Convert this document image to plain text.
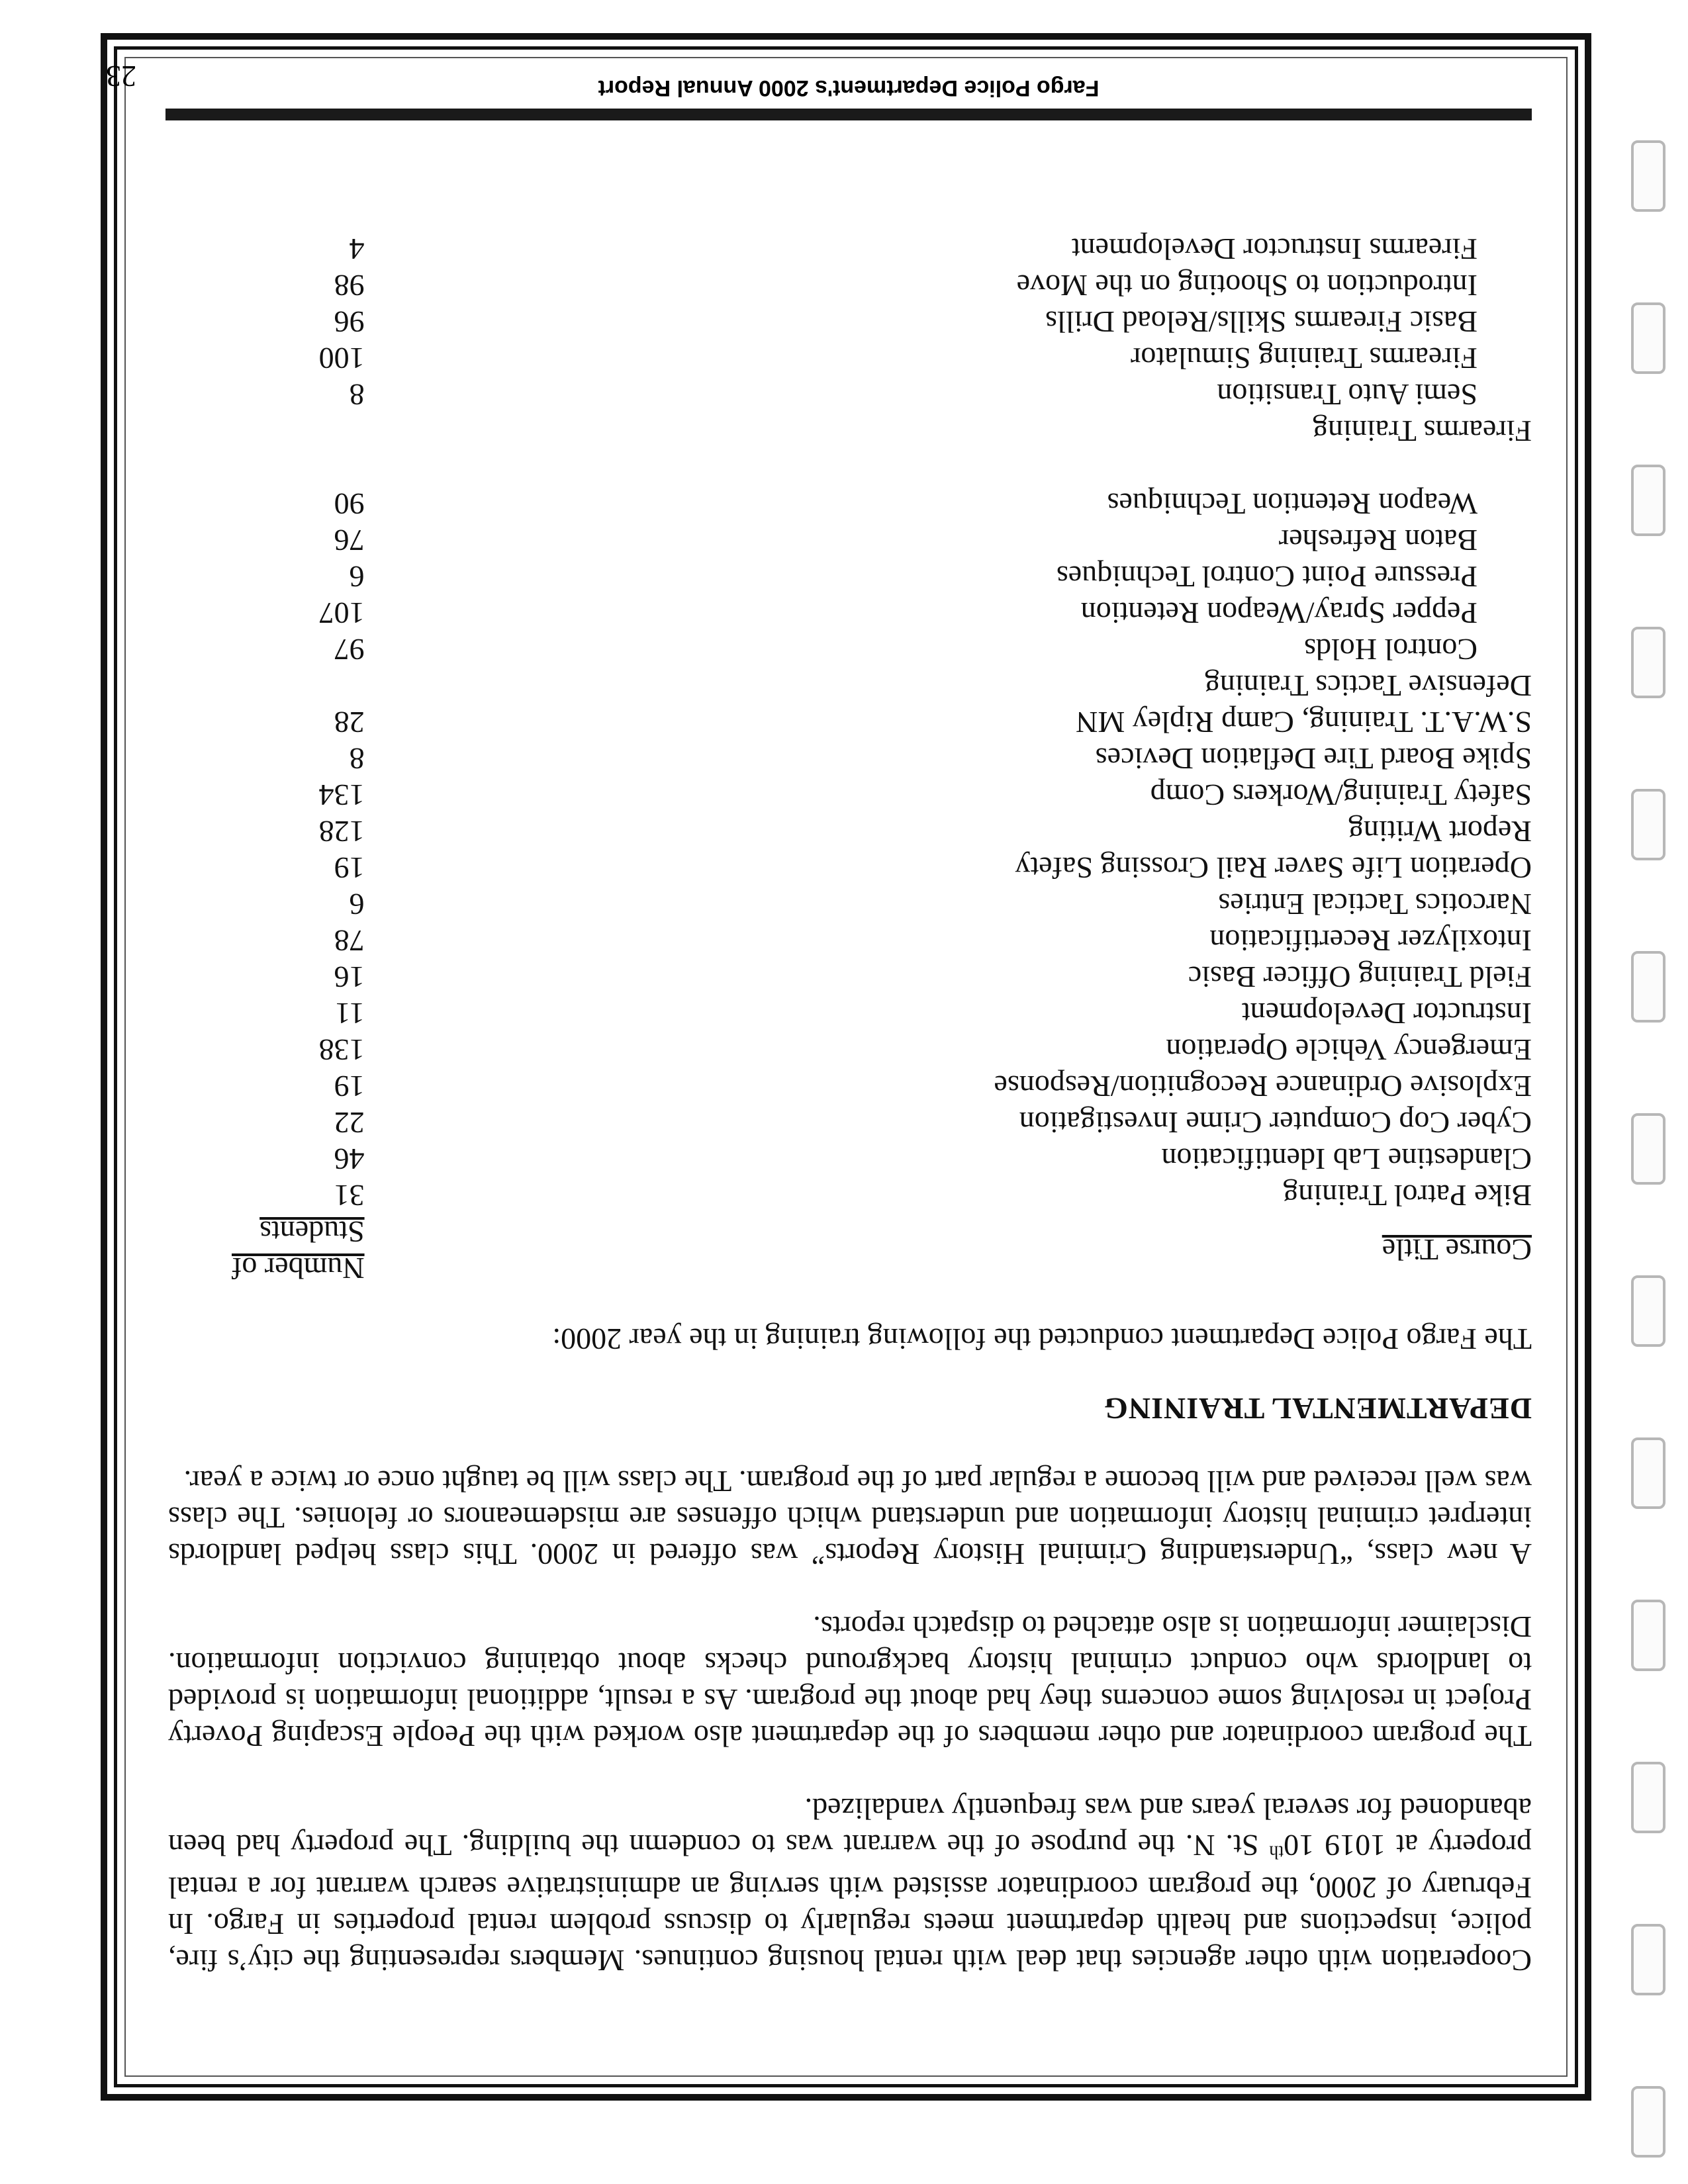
Cooperation with other agencies that deal with rental housing continues. Members representing the city’s fire, police, inspections and health department meets regularly to discuss problem rental properties in Fargo. In February of 2000, the program coordinator assisted with serving an administrative search warrant for a rental property at 1019 10th St. N. the purpose of the warrant was to condemn the building. The property had been abandoned for several years and was frequently vandalized.

The program coordinator and other members of the department also worked with the People Escaping Poverty Project in resolving some concerns they had about the program. As a result, additional information is provided to landlords who conduct criminal history background checks about obtaining conviction information. Disclaimer information is also attached to dispatch reports.

A new class, “Understanding Criminal History Reports” was offered in 2000. This class helped landlords interpret criminal history information and understand which offenses are misdemeanors or felonies. The class was well received and will become a regular part of the program. The class will be taught once or twice a year.

DEPARTMENTAL TRAINING
The Fargo Police Department conducted the following training in the year 2000:
Course Title	Number of Students
Bike Patrol Training	31
Clandestine Lab Identification	46
Cyber Cop Computer Crime Investigation	22
Explosive Ordinance Recognition/Response	19
Emergency Vehicle Operation	138
Instructor Development	11
Field Training Officer Basic	16
Intoxilyzer Recertification	78
Narcotics Tactical Entries	6
Operation Life Saver Rail Crossing Safety	19
Report Writing	128
Safety Training/Workers Comp	134
Spike Board Tire Deflation Devices	8
S.W.A.T. Training, Camp Ripley MN	28
Defensive Tactics Training	
Control Holds	97
Pepper Spray/Weapon Retention	107
Pressure Point Control Techniques	6
Baton Refresher	76
Weapon Retention Techniques	90

Firearms Training	
Semi Auto Transition	8
Firearms Training Simulator	100
Basic Firearms Skills/Reload Drills	96
Introduction to Shooting on the Move	98
Firearms Instructor Development	4
Fargo Police Department's 2000 Annual Report
23
